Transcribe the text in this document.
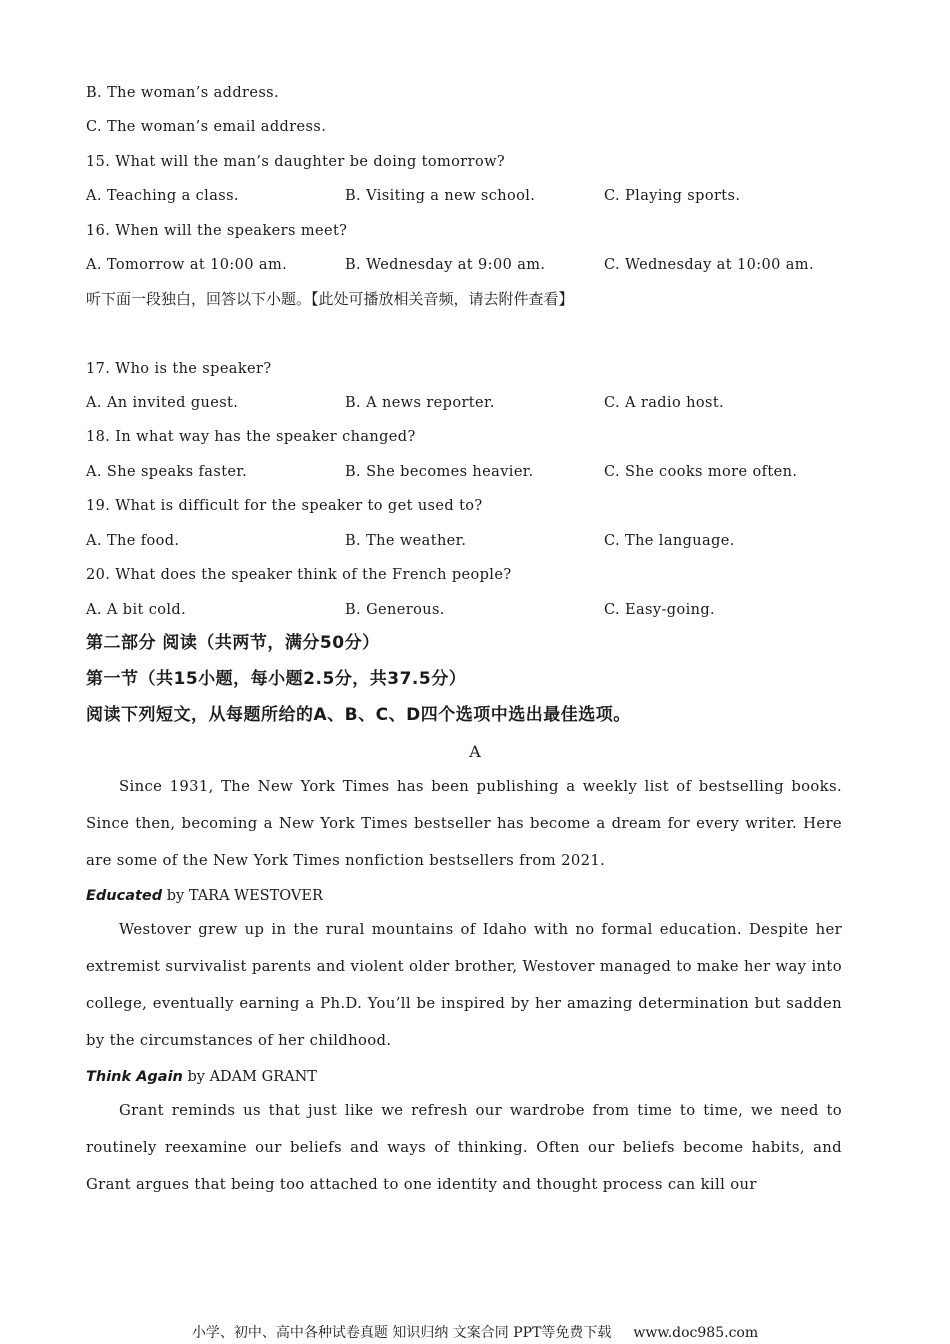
B. The woman’s address.
C. The woman’s email address.
15. What will the man’s daughter be doing tomorrow?
A. Teaching a class.	B. Visiting a new school.	C. Playing sports.
16. When will the speakers meet?
A. Tomorrow at 10:00 am.	B. Wednesday at 9:00 am.	C. Wednesday at 10:00 am.
听下面一段独白，回答以下小题。【此处可播放相关音频，请去附件查看】
17. Who is the speaker?
A. An invited guest.	B. A news reporter.	C. A radio host.
18. In what way has the speaker changed?
A. She speaks faster.	B. She becomes heavier.	C. She cooks more often.
19. What is difficult for the speaker to get used to?
A. The food.	B. The weather.	C. The language.
20. What does the speaker think of the French people?
A. A bit cold.	B. Generous.	C. Easy-going.
第二部分 阅读（共两节，满分50分）
第一节（共15小题，每小题2.5分，共37.5分）
阅读下列短文，从每题所给的A、B、C、D四个选项中选出最佳选项。
A
Since 1931, The New York Times has been publishing a weekly list of bestselling books. Since then, becoming a New York Times bestseller has become a dream for every writer. Here are some of the New York Times nonfiction bestsellers from 2021.
Educated by TARA WESTOVER
Westover grew up in the rural mountains of Idaho with no formal education. Despite her extremist survivalist parents and violent older brother, Westover managed to make her way into college, eventually earning a Ph.D. You’ll be inspired by her amazing determination but sadden by the circumstances of her childhood.
Think Again by ADAM GRANT
Grant reminds us that just like we refresh our wardrobe from time to time, we need to routinely reexamine our beliefs and ways of thinking. Often our beliefs become habits, and Grant argues that being too attached to one identity and thought process can kill our
小学、初中、高中各种试卷真题 知识归纳 文案合同 PPT等免费下载 www.doc985.com
